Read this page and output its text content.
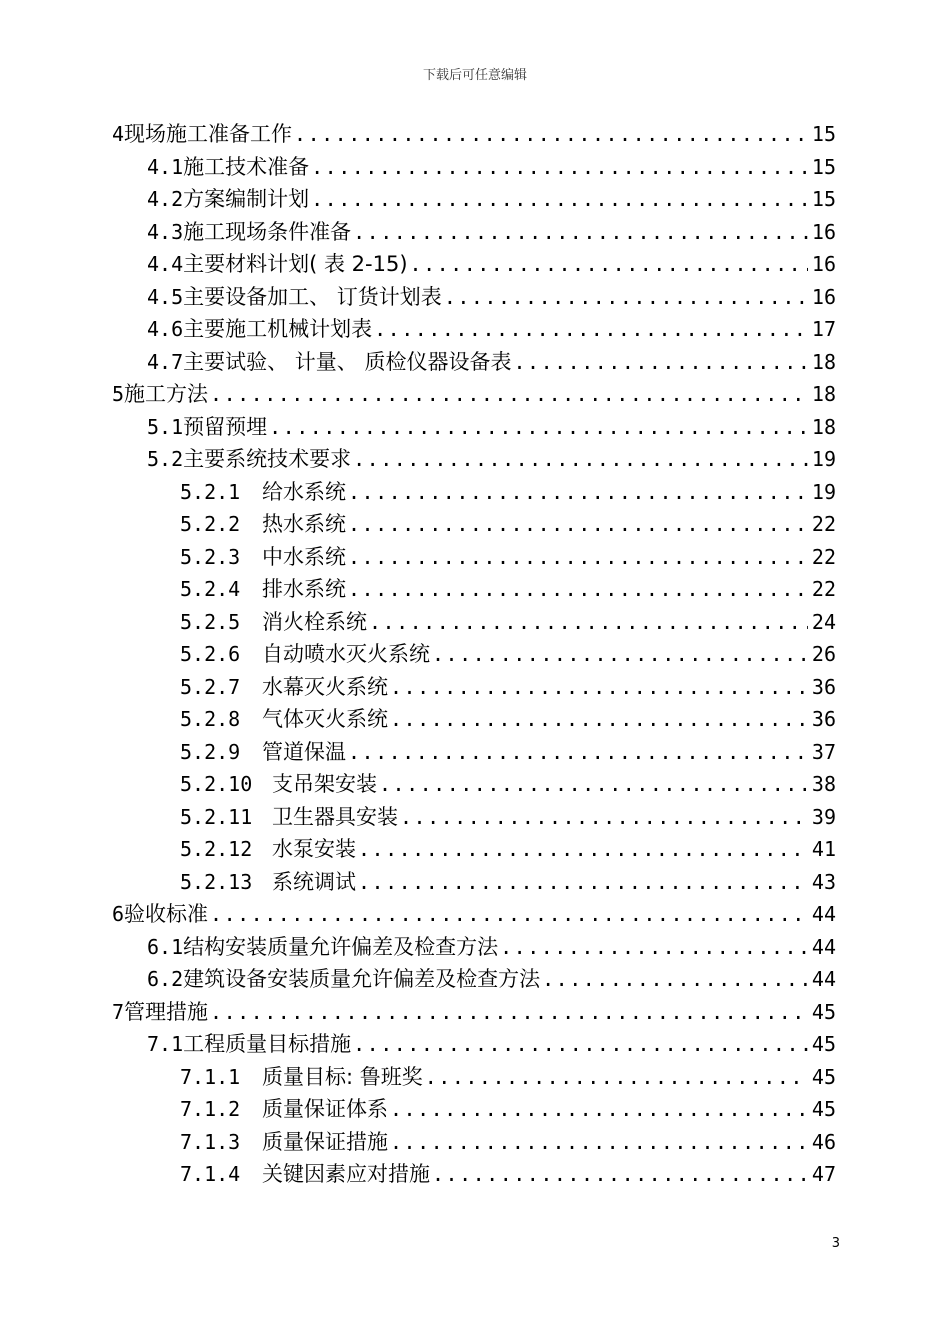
下载后可任意编辑
4 现场施工准备工作 .....	15
4.1 施工技术准备 .....	15
4.2 方案编制计划 .....	15
4.3 施工现场条件准备 .....	16
4.4 主要材料计划( 表 2-15) .....	16
4.5 主要设备加工、 订货计划表 .....	16
4.6 主要施工机械计划表 .....	17
4.7 主要试验、 计量、 质检仪器设备表 .....	18
5 施工方法 .....	18
5.1 预留预埋 .....	18
5.2 主要系统技术要求 .....	19
5.2.1	给水系统 .....	19
5.2.2	热水系统 .....	22
5.2.3	中水系统 .....	22
5.2.4	排水系统 .....	22
5.2.5	消火栓系统 .....	24
5.2.6	自动喷水灭火系统 .....	26
5.2.7	水幕灭火系统 .....	36
5.2.8	气体灭火系统 .....	36
5.2.9	管道保温 .....	37
5.2.10 支吊架安装 .....	38
5.2.11 卫生器具安装 .....	39
5.2.12 水泵安装 .....	41
5.2.13 系统调试 .....	43
6 验收标准 .....	44
6.1 结构安装质量允许偏差及检查方法 .....	44
6.2 建筑设备安装质量允许偏差及检查方法 .....	44
7 管理措施 .....	45
7.1 工程质量目标措施 .....	45
7.1.1	质量目标: 鲁班奖 .....	45
7.1.2	质量保证体系 .....	45
7.1.3	质量保证措施 .....	46
7.1.4	关键因素应对措施 .....	47
3
